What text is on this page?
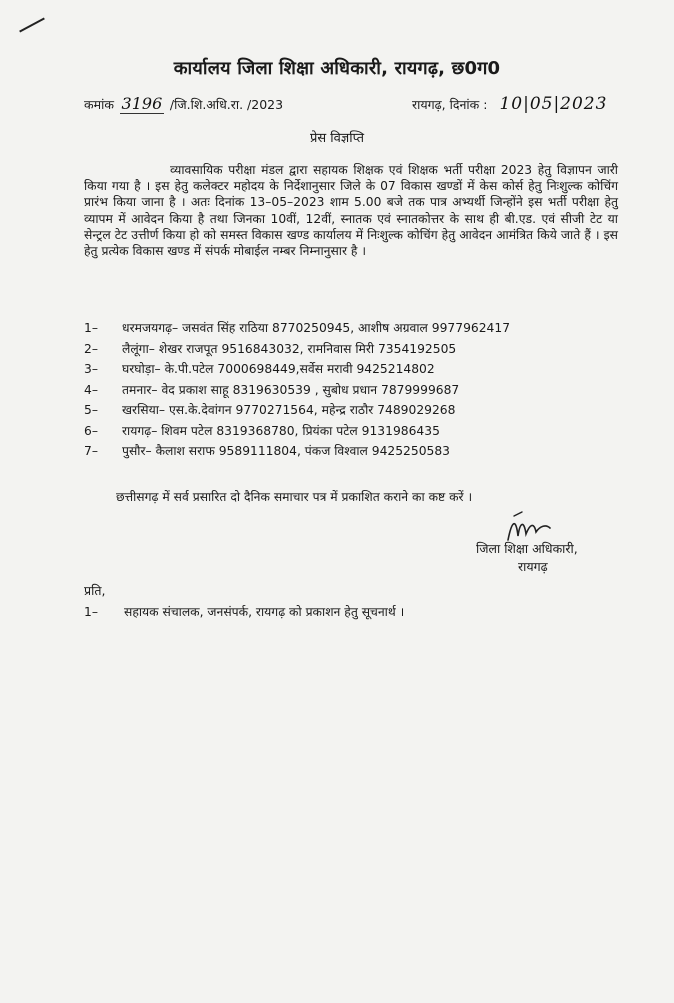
कार्यालय जिला शिक्षा अधिकारी, रायगढ़, छ0ग0
कमांक 3196 /जि.शि.अधि.रा. /2023	रायगढ़, दिनांक : 10|05|2023
प्रेस विज्ञप्ति
व्यावसायिक परीक्षा मंडल द्वारा सहायक शिक्षक एवं शिक्षक भर्ती परीक्षा 2023 हेतु विज्ञापन जारी किया गया है । इस हेतु कलेक्टर महोदय के निर्देशानुसार जिले के 07 विकास खण्डों में केस कोर्स हेतु निःशुल्क कोचिंग प्रारंभ किया जाना है । अतः दिनांक 13–05–2023 शाम 5.00 बजे तक पात्र अभ्यर्थी जिन्होंने इस भर्ती परीक्षा हेतु व्यापम में आवेदन किया है तथा जिनका 10वीं, 12वीं, स्नातक एवं स्नातकोत्तर के साथ ही बी.एड. एवं सीजी टेट या सेन्ट्रल टेट उत्तीर्ण किया हो को समस्त विकास खण्ड कार्यालय में निःशुल्क कोचिंग हेतु आवेदन आमंत्रित किये जाते हैं । इस हेतु प्रत्येक विकास खण्ड में संपर्क मोबाईल नम्बर निम्नानुसार है ।
1– धरमजयगढ़– जसवंत सिंह राठिया 8770250945, आशीष अग्रवाल 9977962417
2– लैलूंगा– शेखर राजपूत 9516843032, रामनिवास मिरी 7354192505
3– घरघोड़ा– के.पी.पटेल 7000698449,सर्वेस मरावी 9425214802
4– तमनार– वेद प्रकाश साहू 8319630539 , सुबोध प्रधान 7879999687
5– खरसिया– एस.के.देवांगन 9770271564, महेन्द्र राठौर 7489029268
6– रायगढ़– शिवम पटेल 8319368780, प्रियंका पटेल 9131986435
7– पुसौर– कैलाश सराफ 9589111804, पंकज विश्वाल 9425250583
छत्तीसगढ़ में सर्व प्रसारित दो दैनिक समाचार पत्र में प्रकाशित कराने का कष्ट करें ।
जिला शिक्षा अधिकारी,
रायगढ़
प्रति,
1– सहायक संचालक, जनसंपर्क, रायगढ़ को प्रकाशन हेतु सूचनार्थ ।
